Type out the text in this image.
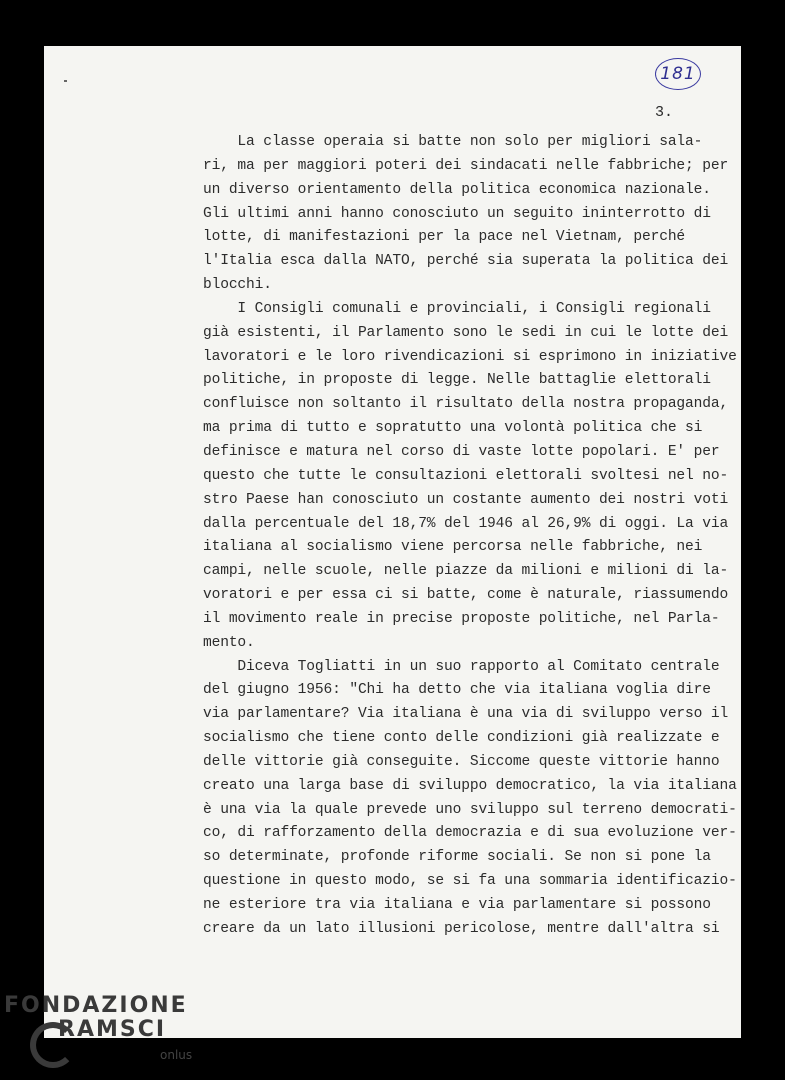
181
3.
La classe operaia si batte non solo per migliori sala-
ri, ma per maggiori poteri dei sindacati nelle fabbriche; per
un diverso orientamento della politica economica nazionale.
Gli ultimi anni hanno conosciuto un seguito ininterrotto di
lotte, di manifestazioni per la pace nel Vietnam, perché
l'Italia esca dalla NATO, perché sia superata la politica dei
blocchi.
I Consigli comunali e provinciali, i Consigli regionali
già esistenti, il Parlamento sono le sedi in cui le lotte dei
lavoratori e le loro rivendicazioni si esprimono in iniziative
politiche, in proposte di legge. Nelle battaglie elettorali
confluisce non soltanto il risultato della nostra propaganda,
ma prima di tutto e sopratutto una volontà politica che si
definisce e matura nel corso di vaste lotte popolari. E' per
questo che tutte le consultazioni elettorali svoltesi nel no-
stro Paese han conosciuto un costante aumento dei nostri voti
dalla percentuale del 18,7% del 1946 al 26,9% di oggi. La via
italiana al socialismo viene percorsa nelle fabbriche, nei
campi, nelle scuole, nelle piazze da milioni e milioni di la-
voratori e per essa ci si batte, come è naturale, riassumendo
il movimento reale in precise proposte politiche, nel Parla-
mento.
Diceva Togliatti in un suo rapporto al Comitato centrale
del giugno 1956: "Chi ha detto che via italiana voglia dire
via parlamentare? Via italiana è una via di sviluppo verso il
socialismo che tiene conto delle condizioni già realizzate e
delle vittorie già conseguite. Siccome queste vittorie hanno
creato una larga base di sviluppo democratico, la via italiana
è una via la quale prevede uno sviluppo sul terreno democrati-
co, di rafforzamento della democrazia e di sua evoluzione ver-
so determinate, profonde riforme sociali. Se non si pone la
questione in questo modo, se si fa una sommaria identificazio-
ne esteriore tra via italiana e via parlamentare si possono
creare da un lato illusioni pericolose, mentre dall'altra si
FONDAZIONE
RAMSCI
onlus
